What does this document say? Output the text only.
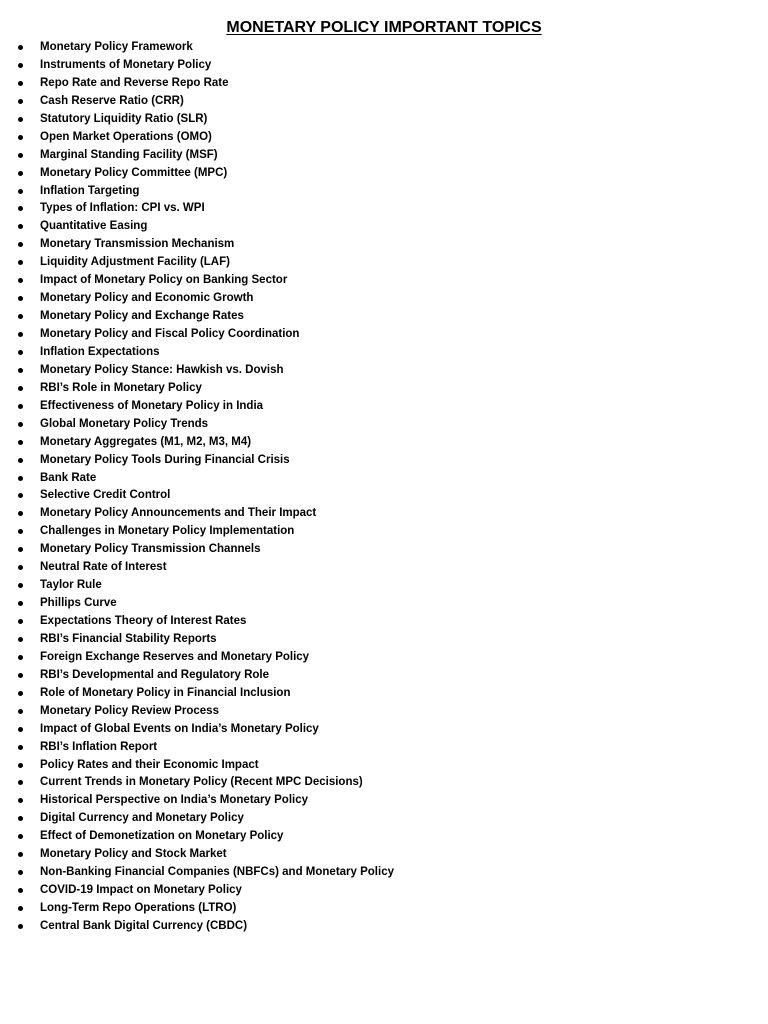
MONETARY POLICY IMPORTANT TOPICS
Monetary Policy Framework
Instruments of Monetary Policy
Repo Rate and Reverse Repo Rate
Cash Reserve Ratio (CRR)
Statutory Liquidity Ratio (SLR)
Open Market Operations (OMO)
Marginal Standing Facility (MSF)
Monetary Policy Committee (MPC)
Inflation Targeting
Types of Inflation: CPI vs. WPI
Quantitative Easing
Monetary Transmission Mechanism
Liquidity Adjustment Facility (LAF)
Impact of Monetary Policy on Banking Sector
Monetary Policy and Economic Growth
Monetary Policy and Exchange Rates
Monetary Policy and Fiscal Policy Coordination
Inflation Expectations
Monetary Policy Stance: Hawkish vs. Dovish
RBI’s Role in Monetary Policy
Effectiveness of Monetary Policy in India
Global Monetary Policy Trends
Monetary Aggregates (M1, M2, M3, M4)
Monetary Policy Tools During Financial Crisis
Bank Rate
Selective Credit Control
Monetary Policy Announcements and Their Impact
Challenges in Monetary Policy Implementation
Monetary Policy Transmission Channels
Neutral Rate of Interest
Taylor Rule
Phillips Curve
Expectations Theory of Interest Rates
RBI’s Financial Stability Reports
Foreign Exchange Reserves and Monetary Policy
RBI’s Developmental and Regulatory Role
Role of Monetary Policy in Financial Inclusion
Monetary Policy Review Process
Impact of Global Events on India’s Monetary Policy
RBI’s Inflation Report
Policy Rates and their Economic Impact
Current Trends in Monetary Policy (Recent MPC Decisions)
Historical Perspective on India’s Monetary Policy
Digital Currency and Monetary Policy
Effect of Demonetization on Monetary Policy
Monetary Policy and Stock Market
Non-Banking Financial Companies (NBFCs) and Monetary Policy
COVID-19 Impact on Monetary Policy
Long-Term Repo Operations (LTRO)
Central Bank Digital Currency (CBDC)
